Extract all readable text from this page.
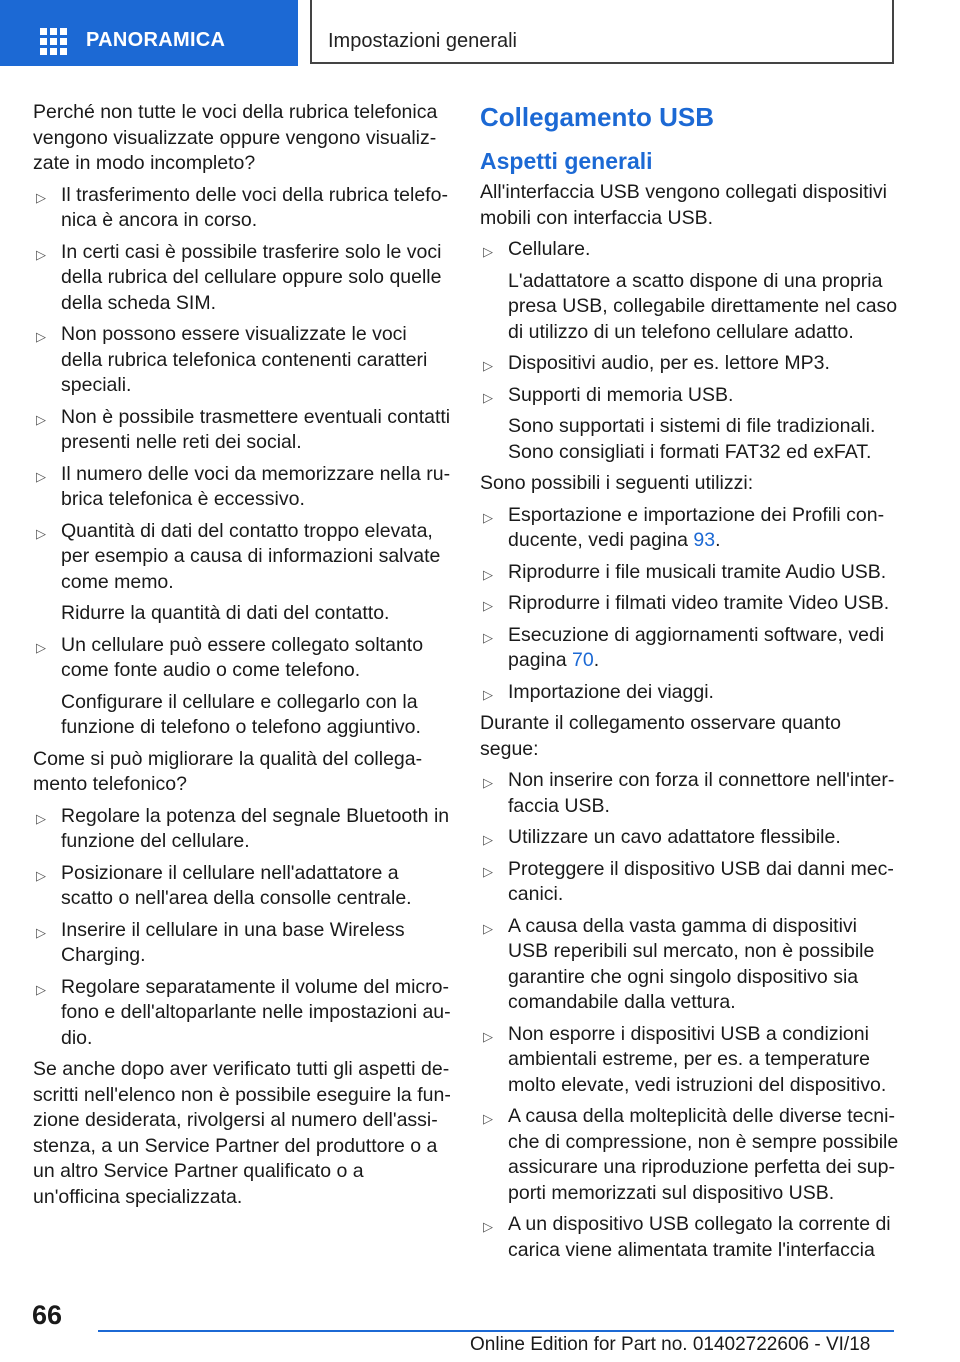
PANORAMICA	Impostazioni generali

Perché non tutte le voci della rubrica telefonica vengono visualizzate oppure vengono visualizzate in modo incompleto?

▷ Il trasferimento delle voci della rubrica telefonica è ancora in corso.
▷ In certi casi è possibile trasferire solo le voci della rubrica del cellulare oppure solo quelle della scheda SIM.
▷ Non possono essere visualizzate le voci della rubrica telefonica contenenti caratteri speciali.
▷ Non è possibile trasmettere eventuali contatti presenti nelle reti dei social.
▷ Il numero delle voci da memorizzare nella rubrica telefonica è eccessivo.
▷ Quantità di dati del contatto troppo elevata, per esempio a causa di informazioni salvate come memo.
Ridurre la quantità di dati del contatto.
▷ Un cellulare può essere collegato soltanto come fonte audio o come telefono.
Configurare il cellulare e collegarlo con la funzione di telefono o telefono aggiuntivo.

Come si può migliorare la qualità del collegamento telefonico?

▷ Regolare la potenza del segnale Bluetooth in funzione del cellulare.
▷ Posizionare il cellulare nell'adattatore a scatto o nell'area della consolle centrale.
▷ Inserire il cellulare in una base Wireless Charging.
▷ Regolare separatamente il volume del microfono e dell'altoparlante nelle impostazioni audio.

Se anche dopo aver verificato tutti gli aspetti descritti nell'elenco non è possibile eseguire la funzione desiderata, rivolgersi al numero dell'assistenza, a un Service Partner del produttore o a un altro Service Partner qualificato o a un'officina specializzata.

Collegamento USB
Aspetti generali

All'interfaccia USB vengono collegati dispositivi mobili con interfaccia USB.

▷ Cellulare.
L'adattatore a scatto dispone di una propria presa USB, collegabile direttamente nel caso di utilizzo di un telefono cellulare adatto.
▷ Dispositivi audio, per es. lettore MP3.
▷ Supporti di memoria USB.
Sono supportati i sistemi di file tradizionali. Sono consigliati i formati FAT32 ed exFAT.

Sono possibili i seguenti utilizzi:

▷ Esportazione e importazione dei Profili conducente, vedi pagina 93.
▷ Riprodurre i file musicali tramite Audio USB.
▷ Riprodurre i filmati video tramite Video USB.
▷ Esecuzione di aggiornamenti software, vedi pagina 70.
▷ Importazione dei viaggi.

Durante il collegamento osservare quanto segue:

▷ Non inserire con forza il connettore nell'interfaccia USB.
▷ Utilizzare un cavo adattatore flessibile.
▷ Proteggere il dispositivo USB dai danni meccanici.
▷ A causa della vasta gamma di dispositivi USB reperibili sul mercato, non è possibile garantire che ogni singolo dispositivo sia comandabile dalla vettura.
▷ Non esporre i dispositivi USB a condizioni ambientali estreme, per es. a temperature molto elevate, vedi istruzioni del dispositivo.
▷ A causa della molteplicità delle diverse tecniche di compressione, non è sempre possibile assicurare una riproduzione perfetta dei supporti memorizzati sul dispositivo USB.
▷ A un dispositivo USB collegato la corrente di carica viene alimentata tramite l'interfaccia
66
Online Edition for Part no. 01402722606 - VI/18
